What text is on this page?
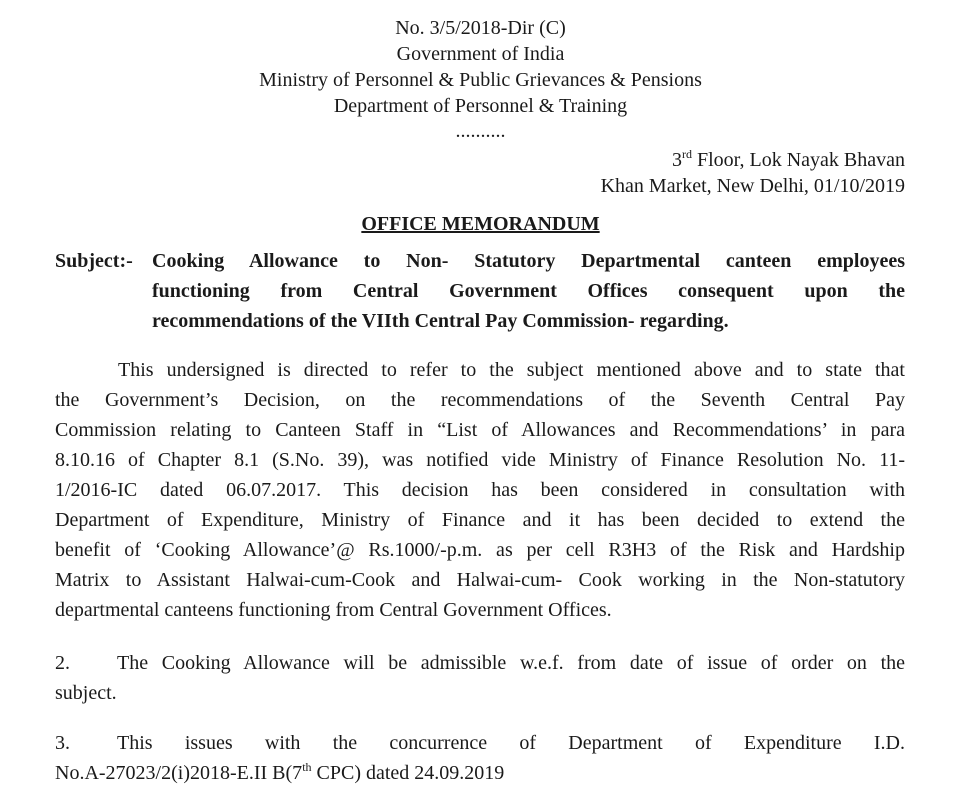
No. 3/5/2018-Dir (C)
Government of India
Ministry of Personnel & Public Grievances & Pensions
Department of Personnel & Training
..........
3rd Floor, Lok Nayak Bhavan
Khan Market, New Delhi, 01/10/2019
OFFICE MEMORANDUM
Subject:- Cooking Allowance to Non- Statutory Departmental canteen employees
functioning from Central Government Offices consequent upon the
recommendations of the VIIth Central Pay Commission- regarding.
This undersigned is directed to refer to the subject mentioned above and to state that
the Government’s Decision, on the recommendations of the Seventh Central Pay
Commission relating to Canteen Staff in “List of Allowances and Recommendations’ in para
8.10.16 of Chapter 8.1 (S.No. 39), was notified vide Ministry of Finance Resolution No. 11-
1/2016-IC dated 06.07.2017. This decision has been considered in consultation with
Department of Expenditure, Ministry of Finance and it has been decided to extend the
benefit of ‘Cooking Allowance’@ Rs.1000/-p.m. as per cell R3H3 of the Risk and Hardship
Matrix to Assistant Halwai-cum-Cook and Halwai-cum- Cook working in the Non-statutory
departmental canteens functioning from Central Government Offices.
2. The Cooking Allowance will be admissible w.e.f. from date of issue of order on the
subject.
3. This issues with the concurrence of Department of Expenditure I.D.
No.A-27023/2(i)2018-E.II B(7th CPC) dated 24.09.2019
